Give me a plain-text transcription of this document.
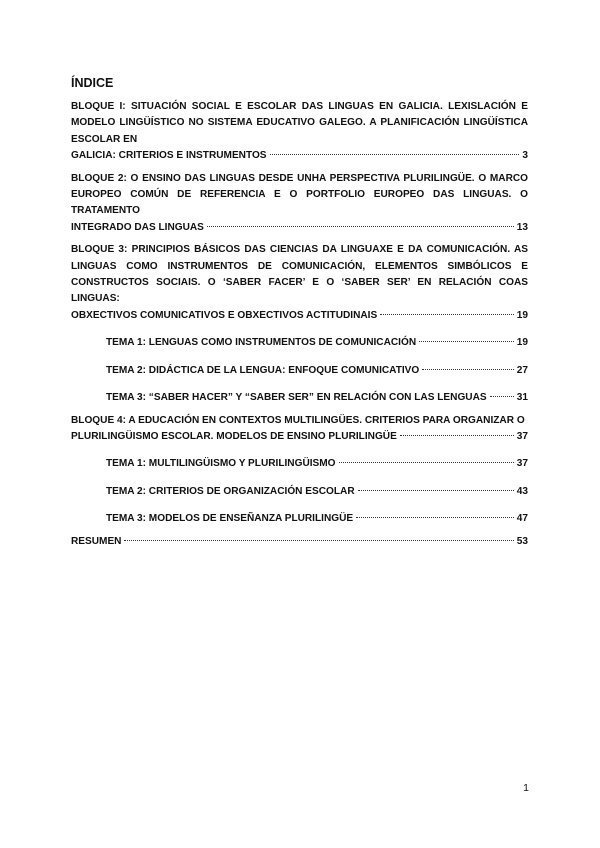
ÍNDICE
BLOQUE I: SITUACIÓN SOCIAL E ESCOLAR DAS LINGUAS EN GALICIA. LEXISLACIÓN E MODELO LINGÜÍSTICO NO SISTEMA EDUCATIVO GALEGO. A PLANIFICACIÓN LINGÜÍSTICA ESCOLAR EN
GALICIA: CRITERIOS E INSTRUMENTOS	3
BLOQUE 2: O ENSINO DAS LINGUAS DESDE UNHA PERSPECTIVA PLURILINGÜE. O MARCO EUROPEO COMÚN DE REFERENCIA E O PORTFOLIO EUROPEO DAS LINGUAS. O TRATAMENTO
INTEGRADO DAS LINGUAS	13
BLOQUE 3: PRINCIPIOS BÁSICOS DAS CIENCIAS DA LINGUAXE E DA COMUNICACIÓN. AS LINGUAS COMO INSTRUMENTOS DE COMUNICACIÓN, ELEMENTOS SIMBÓLICOS E CONSTRUCTOS SOCIAIS. O ‘SABER FACER’ E O ‘SABER SER’ EN RELACIÓN COAS LINGUAS:
OBXECTIVOS COMUNICATIVOS E OBXECTIVOS ACTITUDINAIS	19
TEMA 1: LENGUAS COMO INSTRUMENTOS DE COMUNICACIÓN	19
TEMA 2: DIDÁCTICA DE LA LENGUA: ENFOQUE COMUNICATIVO	27
TEMA 3: “SABER HACER” Y “SABER SER” EN RELACIÓN CON LAS LENGUAS	31
BLOQUE 4: A EDUCACIÓN EN CONTEXTOS MULTILINGÜES. CRITERIOS PARA ORGANIZAR O
PLURILINGÜISMO ESCOLAR. MODELOS DE ENSINO PLURILINGÜE	37
TEMA 1: MULTILINGÜISMO Y PLURILINGÜISMO	37
TEMA 2: CRITERIOS DE ORGANIZACIÓN ESCOLAR	43
TEMA 3: MODELOS DE ENSEÑANZA PLURILINGÜE	47
RESUMEN	53
1
